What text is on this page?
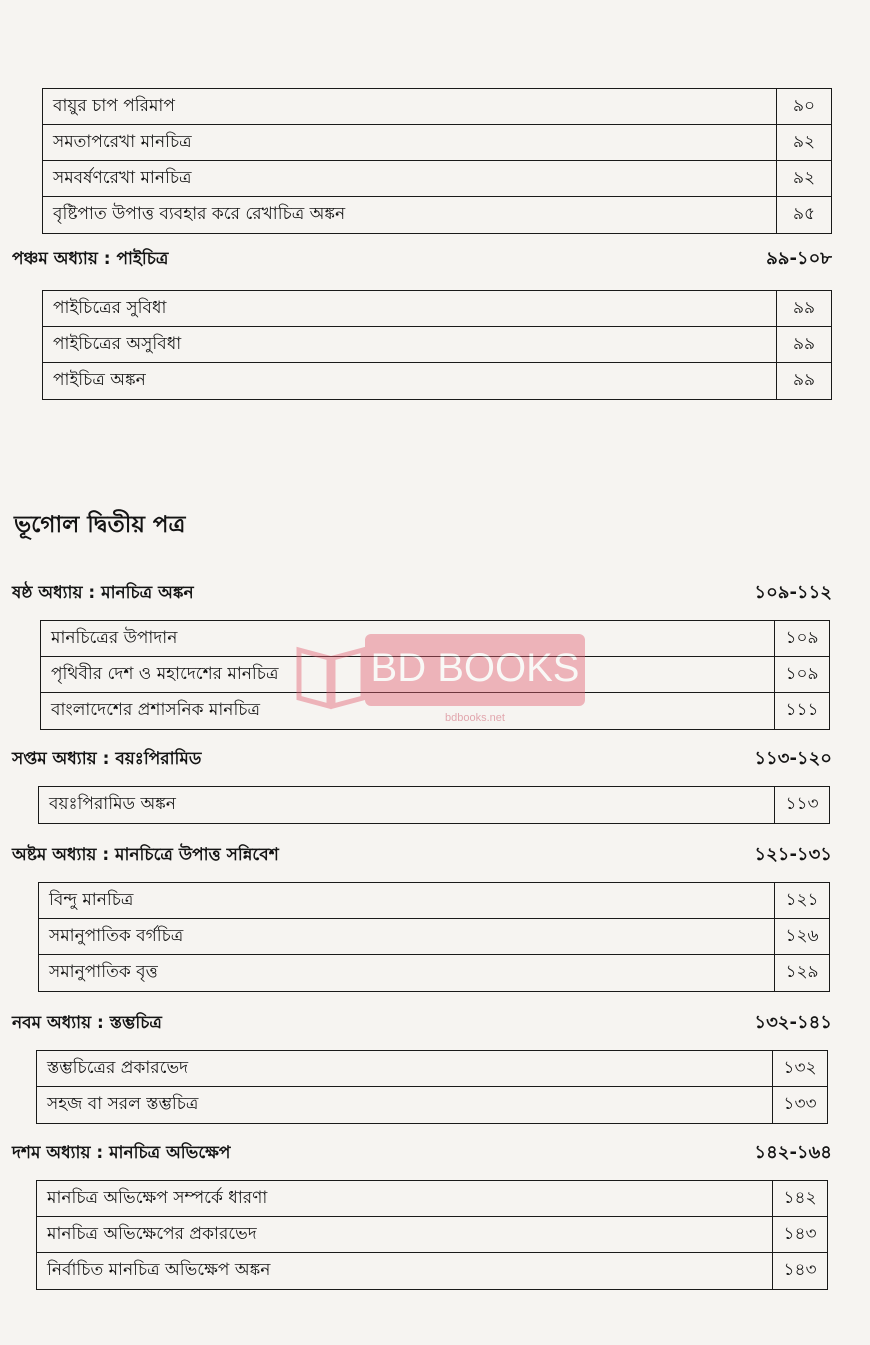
বায়ুর চাপ পরিমাপ	৯০
সমতাপরেখা মানচিত্র	৯২
সমবর্ষণরেখা মানচিত্র	৯২
বৃষ্টিপাত উপাত্ত ব্যবহার করে রেখাচিত্র অঙ্কন	৯৫
পঞ্চম অধ্যায় : পাইচিত্র	৯৯-১০৮
পাইচিত্রের সুবিধা	৯৯
পাইচিত্রের অসুবিধা	৯৯
পাইচিত্র অঙ্কন	৯৯
ভূগোল দ্বিতীয় পত্র
ষষ্ঠ অধ্যায় : মানচিত্র অঙ্কন	১০৯-১১২
মানচিত্রের উপাদান	১০৯
পৃথিবীর দেশ ও মহাদেশের মানচিত্র	১০৯
বাংলাদেশের প্রশাসনিক মানচিত্র	১১১
সপ্তম অধ্যায় : বয়ঃপিরামিড	১১৩-১২০
বয়ঃপিরামিড অঙ্কন	১১৩
অষ্টম অধ্যায় : মানচিত্রে উপাত্ত সন্নিবেশ	১২১-১৩১
বিন্দু মানচিত্র	১২১
সমানুপাতিক বর্গচিত্র	১২৬
সমানুপাতিক বৃত্ত	১২৯
নবম অধ্যায় : স্তম্ভচিত্র	১৩২-১৪১
স্তম্ভচিত্রের প্রকারভেদ	১৩২
সহজ বা সরল স্তম্ভচিত্র	১৩৩
দশম অধ্যায় : মানচিত্র অভিক্ষেপ	১৪২-১৬৪
মানচিত্র অভিক্ষেপ সম্পর্কে ধারণা	১৪২
মানচিত্র অভিক্ষেপের প্রকারভেদ	১৪৩
নির্বাচিত মানচিত্র অভিক্ষেপ অঙ্কন	১৪৩
BD BOOKS
bdbooks.net
